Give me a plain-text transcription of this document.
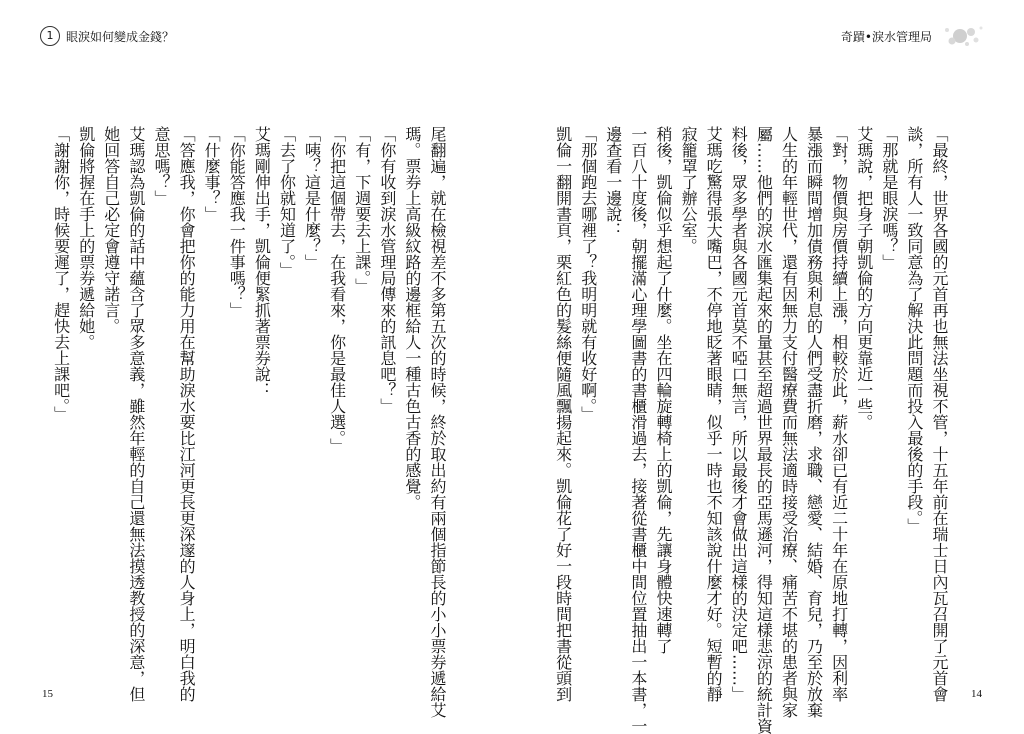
1	眼淚如何變成金錢？	奇蹟•淚水管理局
「最終，世界各國的元首再也無法坐視不管，十五年前在瑞士日內瓦召開了元首會
談，所有人一致同意為了解決此問題而投入最後的手段。」
「那就是眼淚嗎？」
艾瑪說，把身子朝凱倫的方向更靠近一些。
「對，物價與房價持續上漲，相較於此，薪水卻已有近二十年在原地打轉，因利率
暴漲而瞬間增加債務與利息的人們受盡折磨，求職、戀愛、結婚、育兒，乃至於放棄
人生的年輕世代，還有因無力支付醫療費而無法適時接受治療、痛苦不堪的患者與家
屬……他們的淚水匯集起來的量甚至超過世界最長的亞馬遜河，得知這樣悲涼的統計資
料後，眾多學者與各國元首莫不啞口無言，所以最後才會做出這樣的決定吧……」
艾瑪吃驚得張大嘴巴，不停地眨著眼睛，似乎一時也不知該說什麼才好。短暫的靜
寂籠罩了辦公室。
稍後，凱倫似乎想起了什麼。坐在四輪旋轉椅上的凱倫，先讓身體快速轉了
一百八十度後，朝擺滿心理學圖書的書櫃滑過去，接著從書櫃中間位置抽出一本書，一
邊查看一邊說：
「那個跑去哪裡了？我明明就有收好啊。」
凱倫一翻開書頁，栗紅色的髮絲便隨風飄揚起來。凱倫花了好一段時間把書從頭到
尾翻遍，就在檢視差不多第五次的時候，終於取出約有兩個指節長的小小票券遞給艾
瑪。票券上高級紋路的邊框給人一種古色古香的感覺。
「你有收到淚水管理局傳來的訊息吧？」
「有，下週要去上課。」
「你把這個帶去，在我看來，你是最佳人選。」
「咦？這是什麼？」
「去了你就知道了。」
艾瑪剛伸出手，凱倫便緊抓著票券說：
「你能答應我一件事嗎？」
「什麼事？」
「答應我，你會把你的能力用在幫助淚水要比江河更長更深邃的人身上，明白我的
意思嗎？」
艾瑪認為凱倫的話中蘊含了眾多意義，雖然年輕的自己還無法摸透教授的深意，但
她回答自己必定會遵守諾言。
凱倫將握在手上的票券遞給她。
「謝謝你，時候要遲了，趕快去上課吧。」
15	14
